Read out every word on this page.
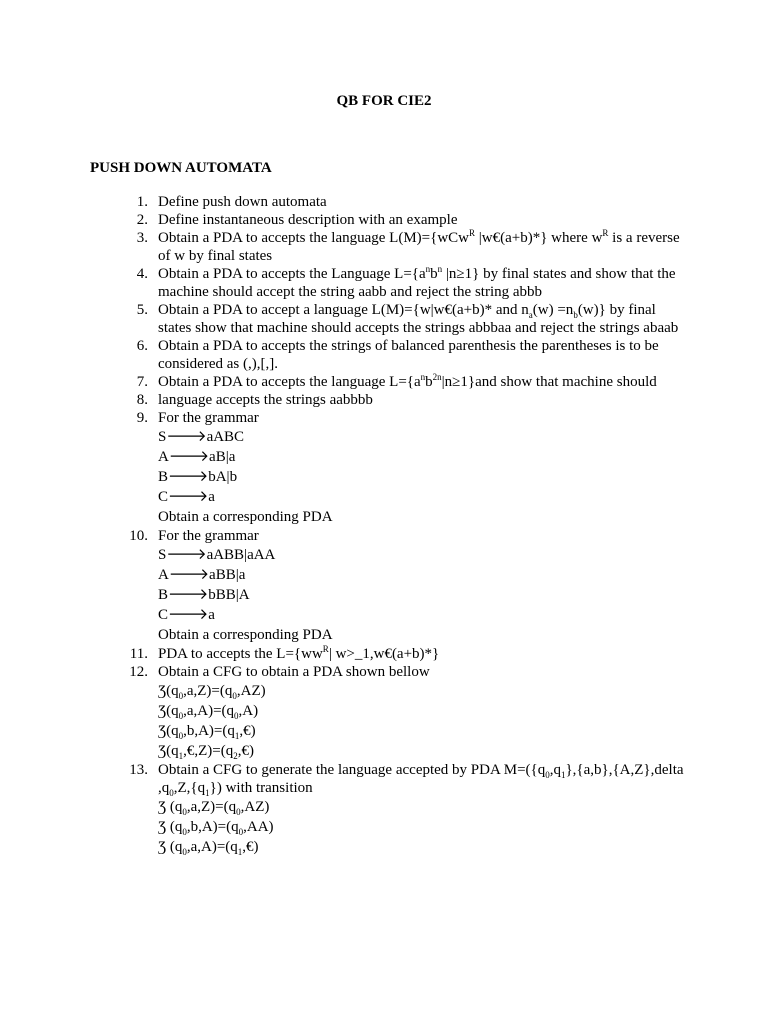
QB FOR CIE2
PUSH DOWN AUTOMATA
1. Define push down automata
2. Define instantaneous description with an example
3. Obtain a PDA to accepts the language L(M)={wCw$^R$ |w€(a+b)*} where $w^R$ is a reverse of w by final states
4. Obtain a PDA to accepts the Language $L=\{a^nb^n$ |n≥1} by final states and show that the machine should accept the string aabb and reject the string abbb
5. Obtain a PDA to accept a language L(M)={w|w€(a+b)* and $n_a(w) =n_b(w)$} by final states show that machine should accepts the strings abbbaa and reject the strings abaab
6. Obtain a PDA to accepts the strings of balanced parenthesis the parentheses is to be considered as (,),[,].
7. Obtain a PDA to accepts the language $L=\{a^nb^{2n}|n\ge 1\}and$ show that machine should
8. language accepts the strings aabbbb
9. For the grammar
S🡒aABC
A🡒aB|a
B🡒bA|b
C🡒a
Obtain a corresponding PDA
10. For the grammar
S🡒aABB|aAA
A🡒aBB|a
B🡒bBB|A
C🡒a
Obtain a corresponding PDA
11. PDA to accepts the $L=\{ww^R|$ w>_1,w€(a+b)*}
12. Obtain a CFG to obtain a PDA shown bellow
$Ʒ(q_0,a,Z)=(q_0,AZ)$
$Ʒ(q_0,a,A)=(q_0,A)$
$Ʒ(q_0,b,A)=(q_1,€)$
$Ʒ(q_1,€,Z)=(q_2,€)$
13. Obtain a CFG to generate the language accepted by PDA $M=(\{q_0,q_1\},\{a,b\},\{A,Z\},delta$ $,q_0,Z,\{q_1\}$) with transition
Ʒ $(q_0,a,Z)=(q_0,AZ)$
Ʒ $(q_0,b,A)=(q_0,AA)$
Ʒ $(q_0,a,A)=(q_1,€)$
